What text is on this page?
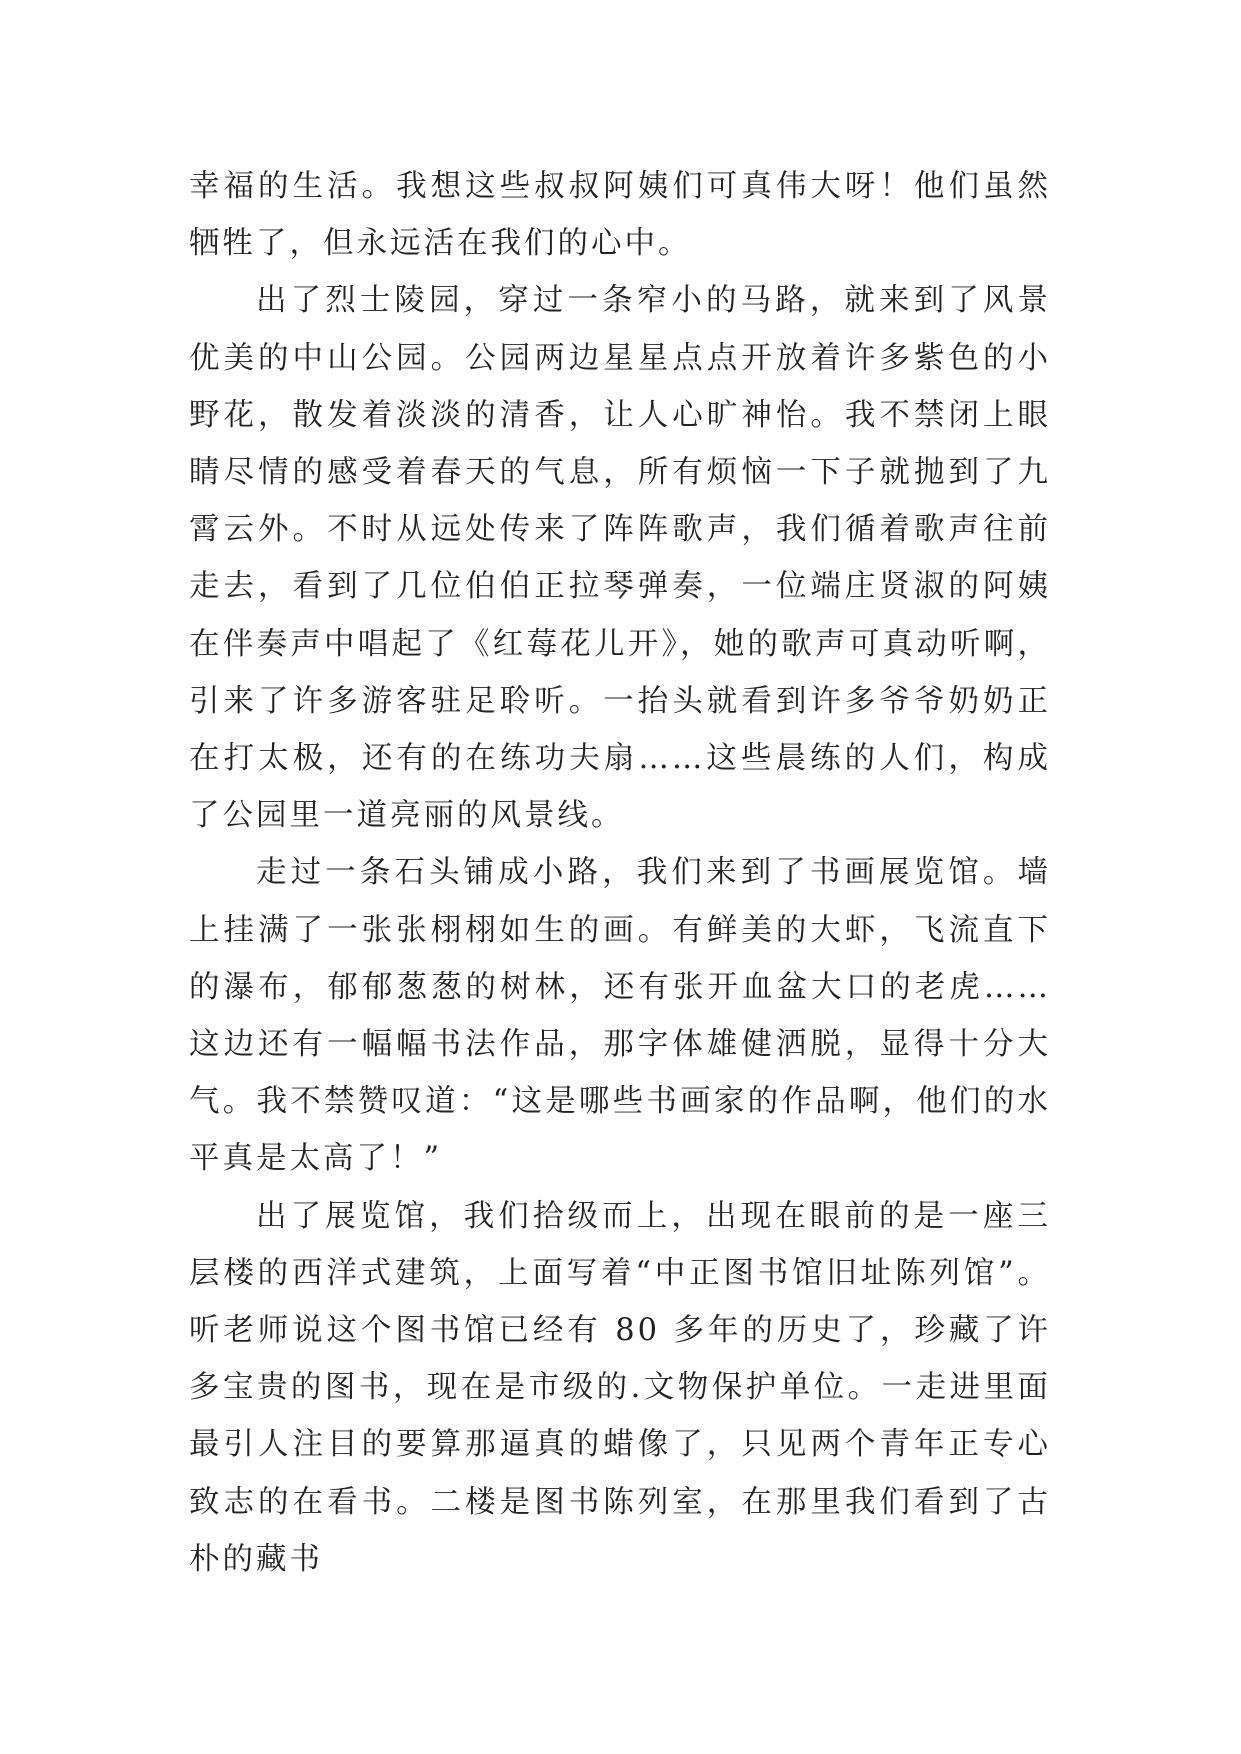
幸福的生活。我想这些叔叔阿姨们可真伟大呀！他们虽然牺牲了，但永远活在我们的心中。

出了烈士陵园，穿过一条窄小的马路，就来到了风景优美的中山公园。公园两边星星点点开放着许多紫色的小野花，散发着淡淡的清香，让人心旷神怡。我不禁闭上眼睛尽情的感受着春天的气息，所有烦恼一下子就抛到了九霄云外。不时从远处传来了阵阵歌声，我们循着歌声往前走去，看到了几位伯伯正拉琴弹奏，一位端庄贤淑的阿姨在伴奏声中唱起了《红莓花儿开》，她的歌声可真动听啊，引来了许多游客驻足聆听。一抬头就看到许多爷爷奶奶正在打太极，还有的在练功夫扇……这些晨练的人们，构成了公园里一道亮丽的风景线。

走过一条石头铺成小路，我们来到了书画展览馆。墙上挂满了一张张栩栩如生的画。有鲜美的大虾，飞流直下的瀑布，郁郁葱葱的树林，还有张开血盆大口的老虎……这边还有一幅幅书法作品，那字体雄健洒脱，显得十分大气。我不禁赞叹道：“这是哪些书画家的作品啊，他们的水平真是太高了！”

出了展览馆，我们拾级而上，出现在眼前的是一座三层楼的西洋式建筑，上面写着“中正图书馆旧址陈列馆”。听老师说这个图书馆已经有 80 多年的历史了，珍藏了许多宝贵的图书，现在是市级的.文物保护单位。一走进里面最引人注目的要算那逼真的蜡像了，只见两个青年正专心致志的在看书。二楼是图书陈列室，在那里我们看到了古朴的藏书
